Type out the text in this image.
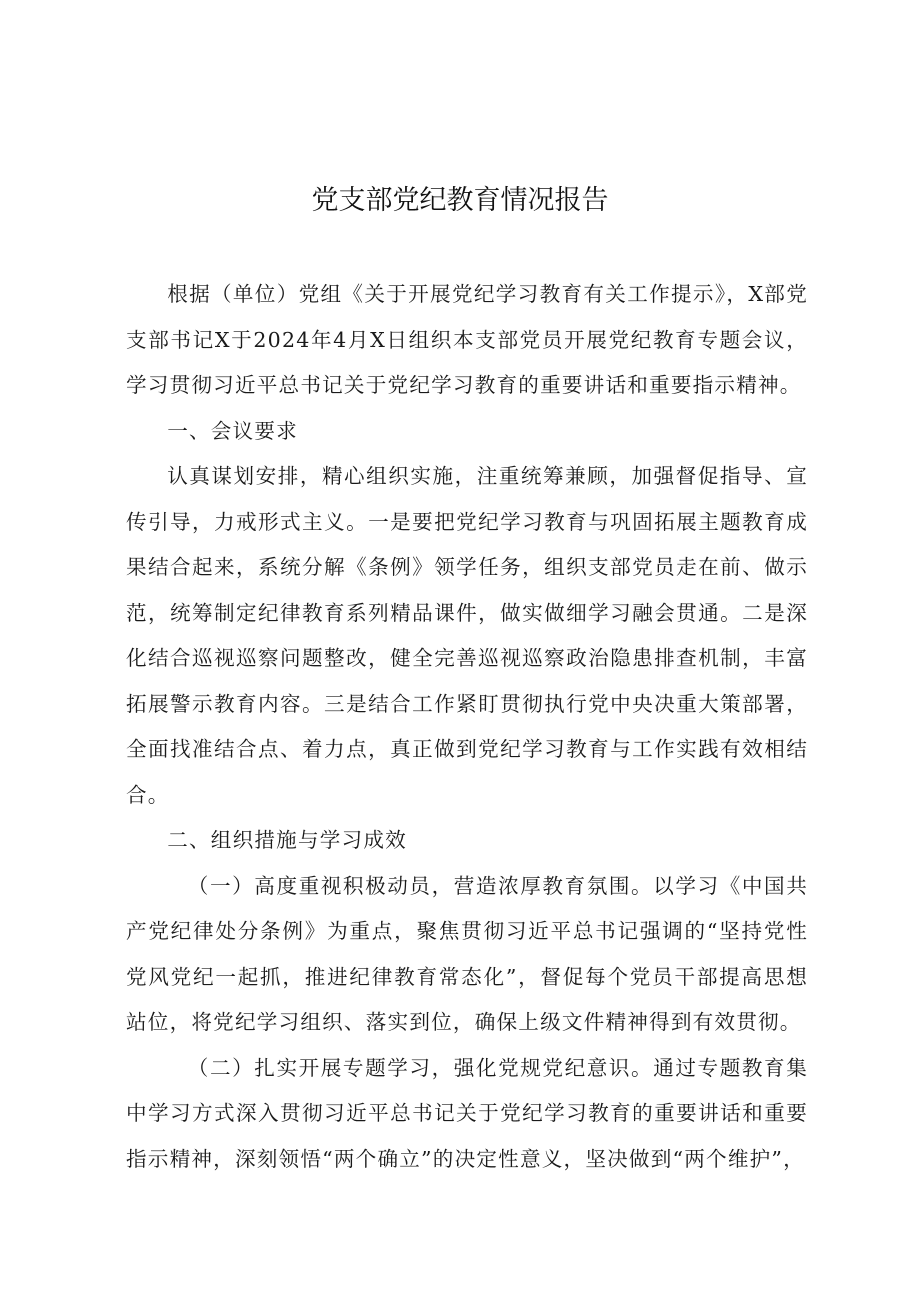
党支部党纪教育情况报告

根据（单位）党组《关于开展党纪学习教育有关工作提示》，X部党支部书记X于2024年4月X日组织本支部党员开展党纪教育专题会议，学习贯彻习近平总书记关于党纪学习教育的重要讲话和重要指示精神。

一、会议要求

认真谋划安排，精心组织实施，注重统筹兼顾，加强督促指导、宣传引导，力戒形式主义。一是要把党纪学习教育与巩固拓展主题教育成果结合起来，系统分解《条例》领学任务，组织支部党员走在前、做示范，统筹制定纪律教育系列精品课件，做实做细学习融会贯通。二是深化结合巡视巡察问题整改，健全完善巡视巡察政治隐患排查机制，丰富拓展警示教育内容。三是结合工作紧盯贯彻执行党中央决重大策部署，全面找准结合点、着力点，真正做到党纪学习教育与工作实践有效相结合。

二、组织措施与学习成效

（一）高度重视积极动员，营造浓厚教育氛围。以学习《中国共产党纪律处分条例》为重点，聚焦贯彻习近平总书记强调的“坚持党性党风党纪一起抓，推进纪律教育常态化”，督促每个党员干部提高思想站位，将党纪学习组织、落实到位，确保上级文件精神得到有效贯彻。

（二）扎实开展专题学习，强化党规党纪意识。通过专题教育集中学习方式深入贯彻习近平总书记关于党纪学习教育的重要讲话和重要指示精神，深刻领悟“两个确立”的决定性意义，坚决做到“两个维护”，
